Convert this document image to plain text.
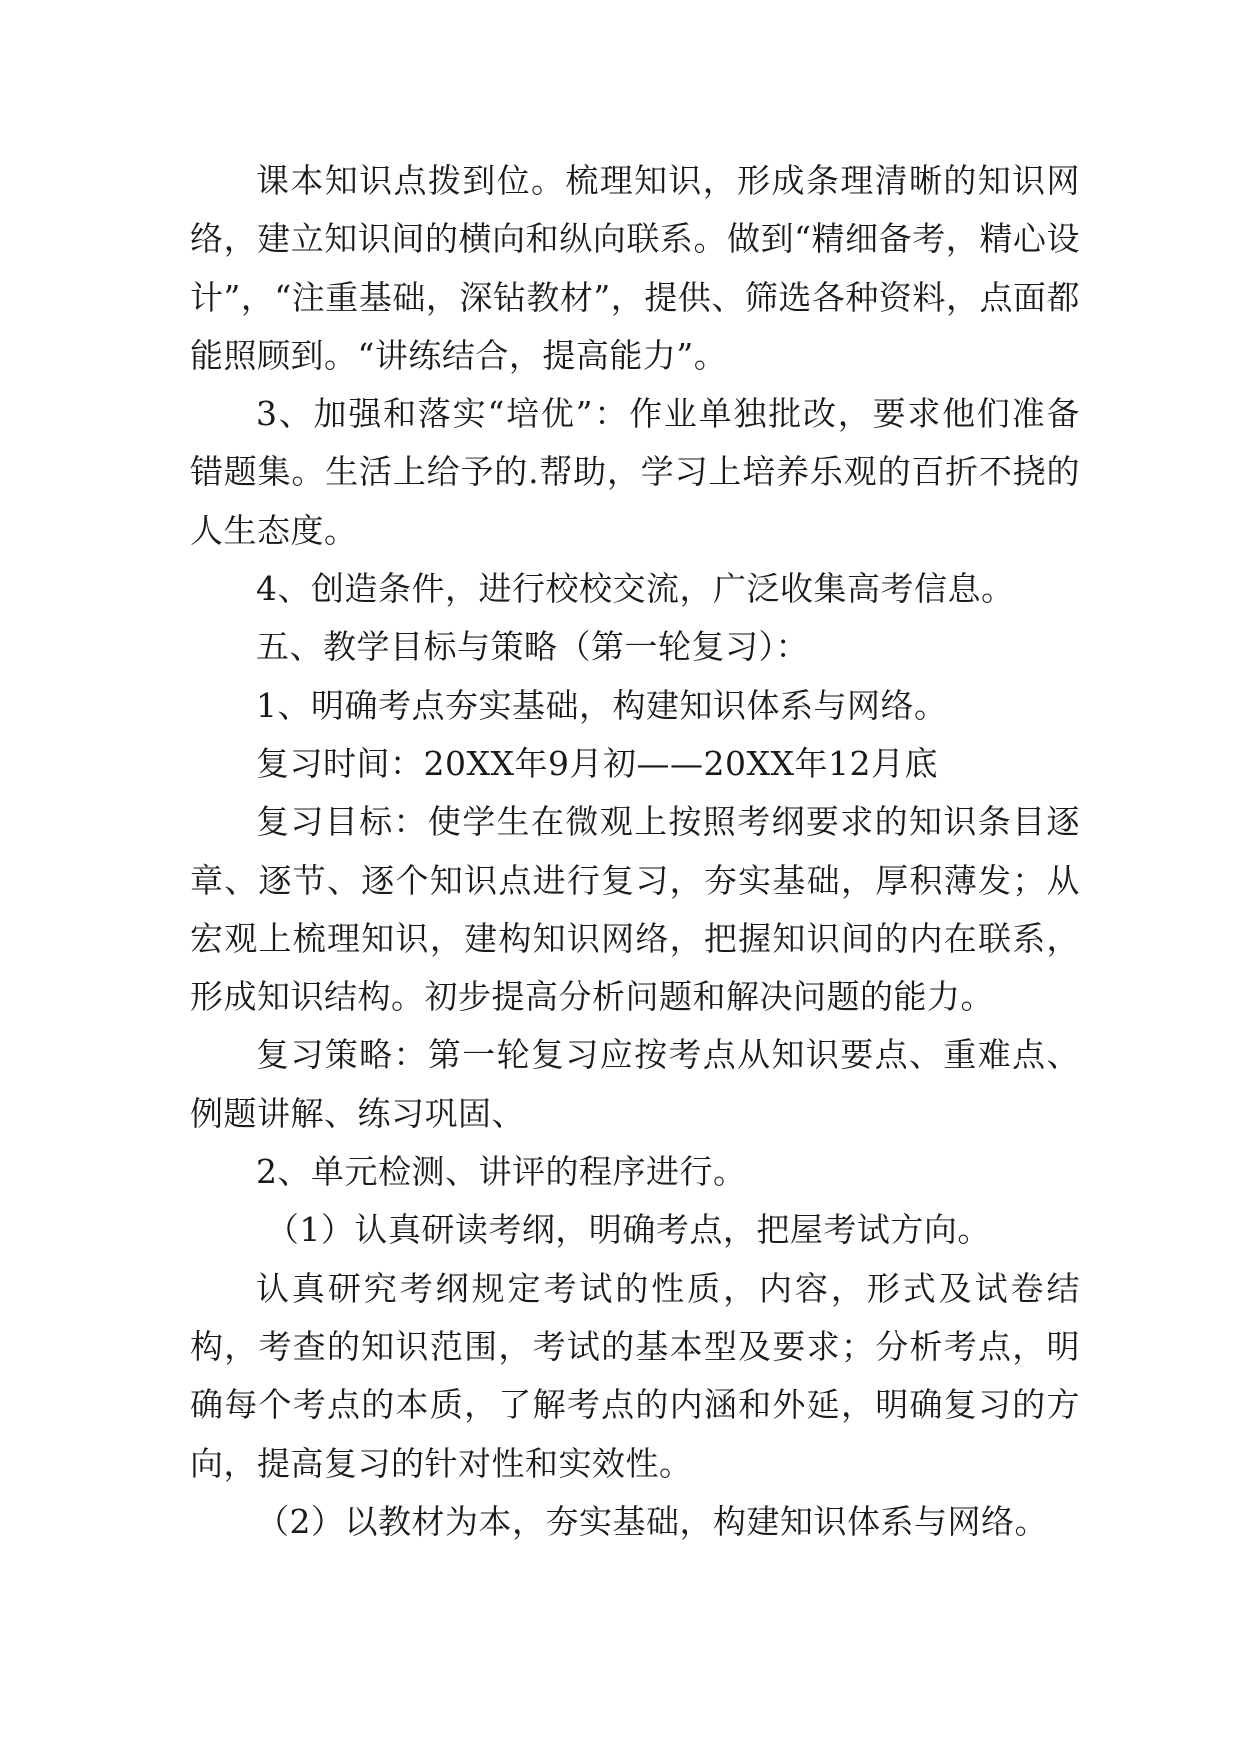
课本知识点拨到位。梳理知识，形成条理清晰的知识网络，建立知识间的横向和纵向联系。做到“精细备考，精心设计”，“注重基础，深钻教材”，提供、筛选各种资料，点面都能照顾到。“讲练结合，提高能力”。

3、加强和落实“培优”：作业单独批改，要求他们准备错题集。生活上给予的.帮助，学习上培养乐观的百折不挠的人生态度。

4、创造条件，进行校校交流，广泛收集高考信息。

五、教学目标与策略（第一轮复习）：

1、明确考点夯实基础，构建知识体系与网络。

复习时间：20XX年9月初——20XX年12月底

复习目标：使学生在微观上按照考纲要求的知识条目逐章、逐节、逐个知识点进行复习，夯实基础，厚积薄发；从宏观上梳理知识，建构知识网络，把握知识间的内在联系，形成知识结构。初步提高分析问题和解决问题的能力。

复习策略：第一轮复习应按考点从知识要点、重难点、例题讲解、练习巩固、

2、单元检测、讲评的程序进行。

（1）认真研读考纲，明确考点，把屋考试方向。

认真研究考纲规定考试的性质，内容，形式及试卷结构，考查的知识范围，考试的基本型及要求；分析考点，明确每个考点的本质，了解考点的内涵和外延，明确复习的方向，提高复习的针对性和实效性。

（2）以教材为本，夯实基础，构建知识体系与网络。
